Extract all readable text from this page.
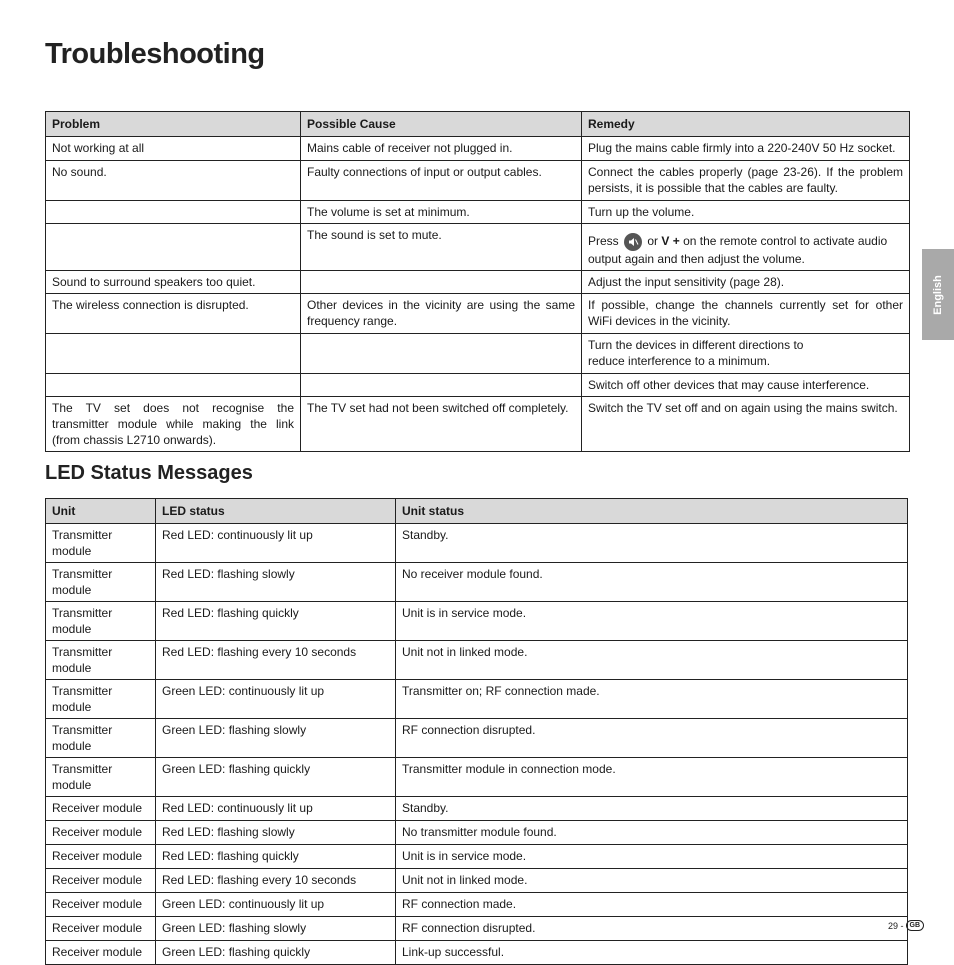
Troubleshooting
Problem	Possible Cause	Remedy
Not working at all	Mains cable of receiver not plugged in.	Plug the mains cable firmly into a 220-240V 50 Hz socket.
No sound.	Faulty connections of input or output cables.	Connect the cables properly (page 23-26). If the problem persists, it is possible that the cables are faulty.
	The volume is set at minimum.	Turn up the volume.
	The sound is set to mute.	Press
or V + on the remote control to activate audio output again and then adjust the volume.

Sound to surround speakers too quiet.		Adjust the input sensitivity (page 28).
The wireless connection is disrupted.	Other devices in the vicinity are using the same frequency range.	If possible, change the channels currently set for other WiFi devices in the vicinity.
		Turn the devices in different directions to
reduce interference to a minimum.
		Switch off other devices that may cause interference.
The TV set does not recognise the transmitter module while making the link (from chassis L2710 onwards).	The TV set had not been switched off completely.	Switch the TV set off and on again using the mains switch.
LED Status Messages
Unit	LED status	Unit status
Transmitter module	Red LED: continuously lit up	Standby.
Transmitter module	Red LED: flashing slowly	No receiver module found.
Transmitter module	Red LED: flashing quickly	Unit is in service mode.
Transmitter module	Red LED: flashing every 10 seconds	Unit not in linked mode.
Transmitter module	Green LED: continuously lit up	Transmitter on; RF connection made.
Transmitter module	Green LED: flashing slowly	RF connection disrupted.
Transmitter module	Green LED: flashing quickly	Transmitter module in connection mode.
Receiver module	Red LED: continuously lit up	Standby.
Receiver module	Red LED: flashing slowly	No transmitter module found.
Receiver module	Red LED: flashing quickly	Unit is in service mode.
Receiver module	Red LED: flashing every 10 seconds	Unit not in linked mode.
Receiver module	Green LED: continuously lit up	RF connection made.
Receiver module	Green LED: flashing slowly	RF connection disrupted.
Receiver module	Green LED: flashing quickly	Link-up successful.
English
29 - GB
